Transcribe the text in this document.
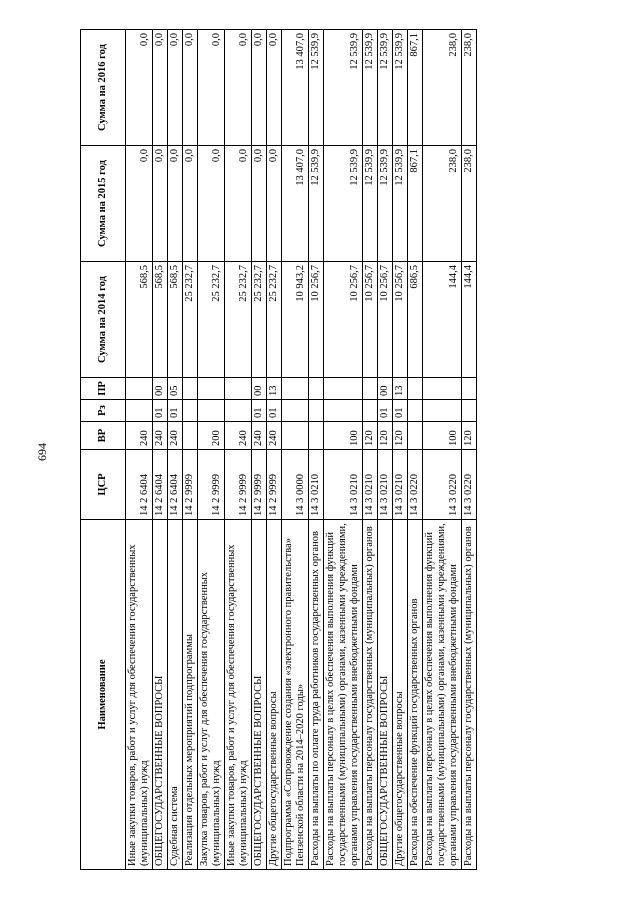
694
Наименование	ЦСР	ВР	Рз	ПР	Сумма на 2014 год	Сумма на 2015 год	Сумма на 2016 год
Иные закупки товаров, работ и услуг для обеспечения государственных (муниципальных) нужд	14 2 6404	240			568,5	0,0	0,0
ОБЩЕГОСУДАРСТВЕННЫЕ ВОПРОСЫ	14 2 6404	240	01	00	568,5	0,0	0,0
Судебная система	14 2 6404	240	01	05	568,5	0,0	0,0
Реализация отдельных мероприятий подпрограммы	14 2 9999				25 232,7	0,0	0,0
Закупка товаров, работ и услуг для обеспечения государственных (муниципальных) нужд	14 2 9999	200			25 232,7	0,0	0,0
Иные закупки товаров, работ и услуг для обеспечения государственных (муниципальных) нужд	14 2 9999	240			25 232,7	0,0	0,0
ОБЩЕГОСУДАРСТВЕННЫЕ ВОПРОСЫ	14 2 9999	240	01	00	25 232,7	0,0	0,0
Другие общегосударственные вопросы	14 2 9999	240	01	13	25 232,7	0,0	0,0
Подпрограмма «Сопровождение создания «электронного правительства» Пензенской области на 2014–2020 годы»	14 3 0000				10 943,2	13 407,0	13 407,0
Расходы на выплаты по оплате труда работников государственных органов	14 3 0210				10 256,7	12 539,9	12 539,9
Расходы на выплаты персоналу в целях обеспечения выполнения функций государственными (муниципальными) органами, казенными учреждениями, органами управления государственными внебюджетными фондами	14 3 0210	100			10 256,7	12 539,9	12 539,9
Расходы на выплаты персоналу государственных (муниципальных) органов	14 3 0210	120			10 256,7	12 539,9	12 539,9
ОБЩЕГОСУДАРСТВЕННЫЕ ВОПРОСЫ	14 3 0210	120	01	00	10 256,7	12 539,9	12 539,9
Другие общегосударственные вопросы	14 3 0210	120	01	13	10 256,7	12 539,9	12 539,9
Расходы на обеспечение функций государственных органов	14 3 0220				686,5	867,1	867,1
Расходы на выплаты персоналу в целях обеспечения выполнения функций государственными (муниципальными) органами, казенными учреждениями, органами управления государственными внебюджетными фондами	14 3 0220	100			144,4	238,0	238,0
Расходы на выплаты персоналу государственных (муниципальных) органов	14 3 0220	120			144,4	238,0	238,0
